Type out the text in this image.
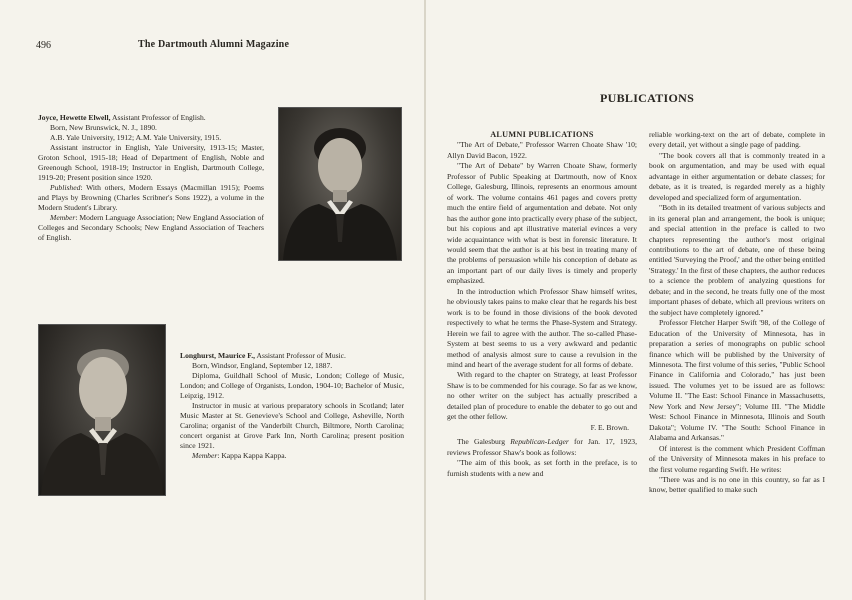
496	The Dartmouth Alumni Magazine

Joyce, Hewette Elwell, Assistant Professor of English.

Born, New Brunswick, N. J., 1890.

A.B. Yale University, 1912; A.M. Yale University, 1915.

Assistant instructor in English, Yale University, 1913-15; Master, Groton School, 1915-18; Head of Department of English, Noble and Greenough School, 1918-19; Instructor in English, Dartmouth College, 1919-20; Present position since 1920.

Published: With others, Modern Essays (Macmillan 1915); Poems and Plays by Browning (Charles Scribner's Sons 1922), a volume in the Modern Student's Library.

Member: Modern Language Association; New England Association of Colleges and Secondary Schools; New England Association of Teachers of English.

Longhurst, Maurice F., Assistant Professor of Music.

Born, Windsor, England, September 12, 1887.

Diploma, Guildhall School of Music, London; College of Music, London; and College of Organists, London, 1904-10; Bachelor of Music, Leipzig, 1912.

Instructor in music at various preparatory schools in Scotland; later Music Master at St. Genevieve's School and College, Asheville, North Carolina; organist of the Vanderbilt Church, Biltmore, North Carolina; concert organist at Grove Park Inn, North Carolina; present position since 1921.

Member: Kappa Kappa Kappa.

PUBLICATIONS

ALUMNI PUBLICATIONS

"The Art of Debate," Professor Warren Choate Shaw '10; Allyn David Bacon, 1922.

"The Art of Debate" by Warren Choate Shaw, formerly Professor of Public Speaking at Dartmouth, now of Knox College, Galesburg, Illinois, represents an enormous amount of work. The volume contains 461 pages and covers pretty much the entire field of argumentation and debate. Not only has the author gone into practically every phase of the subject, but his copious and apt illustrative material evinces a very wide acquaintance with what is best in forensic literature. It would seem that the author is at his best in treating many of the problems of persuasion while his conception of debate as an important part of our daily lives is timely and properly emphasized.

In the introduction which Professor Shaw himself writes, he obviously takes pains to make clear that he regards his best work is to be found in those divisions of the book devoted respectively to what he terms the Phase-System and Strategy. Herein we fail to agree with the author. The so-called Phase-System at best seems to us a very awkward and pedantic method of analysis almost sure to cause a revulsion in the mind and heart of the average student for all forms of debate.

With regard to the chapter on Strategy, at least Professor Shaw is to be commended for his courage. So far as we know, no other writer on the subject has actually prescribed a detailed plan of procedure to enable the debater to go out and get the other fellow.

F. E. Brown.

The Galesburg Republican-Ledger for Jan. 17, 1923, reviews Professor Shaw's book as follows:

"The aim of this book, as set forth in the preface, is to furnish students with a new and

reliable working-text on the art of debate, complete in every detail, yet without a single page of padding.

"The book covers all that is commonly treated in a book on argumentation, and may be used with equal advantage in either argumentation or debate classes; for debate, as it is treated, is regarded merely as a highly developed and specialized form of argumentation.

"Both in its detailed treatment of various subjects and in its general plan and arrangement, the book is unique; and special attention in the preface is called to two chapters representing the author's most original contributions to the art of debate, one of these being entitled 'Surveying the Proof,' and the other being entitled 'Strategy.' In the first of these chapters, the author reduces to a science the problem of analyzing questions for debate; and in the second, he treats fully one of the most important phases of debate, which all previous writers on the subject have completely ignored."

Professor Fletcher Harper Swift '98, of the College of Education of the University of Minnesota, has in preparation a series of monographs on public school finance which will be published by the University of Minnesota. The first volume of this series, "Public School Finance in California and Colorado," has just been issued. The volumes yet to be issued are as follows: Volume II. "The East: School Finance in Massachusetts, New York and New Jersey"; Volume III. "The Middle West: School Finance in Minnesota, Illinois and South Dakota"; Volume IV. "The South: School Finance in Alabama and Arkansas."

Of interest is the comment which President Coffman of the University of Minnesota makes in his preface to the first volume regarding Swift. He writes:

"There was and is no one in this country, so far as I know, better qualified to make such
